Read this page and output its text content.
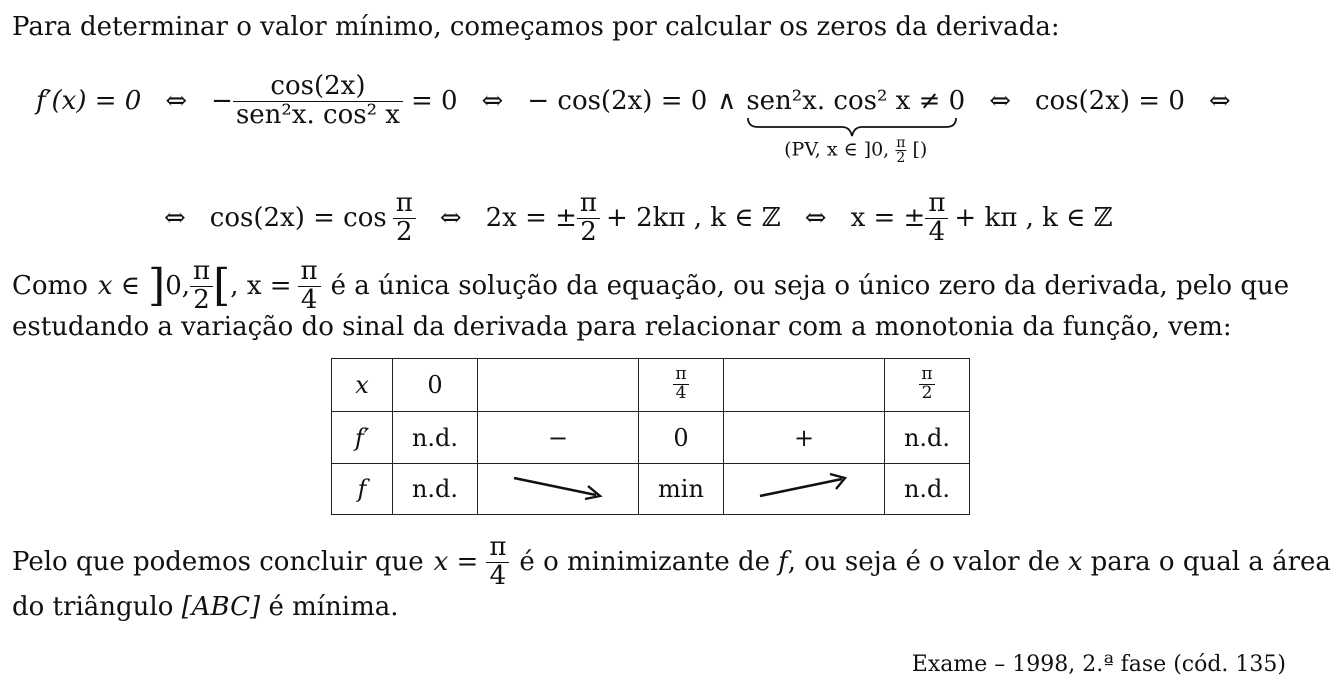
Para determinar o valor mínimo, começamos por calcular os zeros da derivada:
f′(x) = 0 ⇔ − $\frac{\cos(2x)}{\text{sen²x. cos² x}} = 0$ ⇔ − cos(2x) = 0 ∧ sen²x. cos² x ≠ 0
(PV, x ∈ ]0, $\frac{\pi}{2}$ [)
⇔ cos(2x) = 0 ⇔
⇔ $\cos(2x) = \cos \frac{\pi}{2}$ ⇔ 2x = ± $\frac{\pi}{2} + 2k\pi$ , k ∈ ℤ ⇔ x = ± $\frac{\pi}{4} + k\pi$ , k ∈ ℤ
Como x ∈ ] 0, $\frac{\pi}{2}$ [ , $x = \frac{\pi}{4}$ é a única solução da equação, ou seja o único zero da derivada, pelo que
estudando a variação do sinal da derivada para relacionar com a monotonia da função, vem:
x	0		$\frac{\pi}{4}$		$\frac{\pi}{2}$

f′	n.d.	−	0	+	n.d.
f	n.d.		min		n.d.
Pelo que podemos concluir que $x = \frac{\pi}{4}$ é o minimizante de f , ou seja é o valor de x para o qual a área
do triângulo [ABC] é mínima.
Exame – 1998, 2.ª fase (cód. 135)
